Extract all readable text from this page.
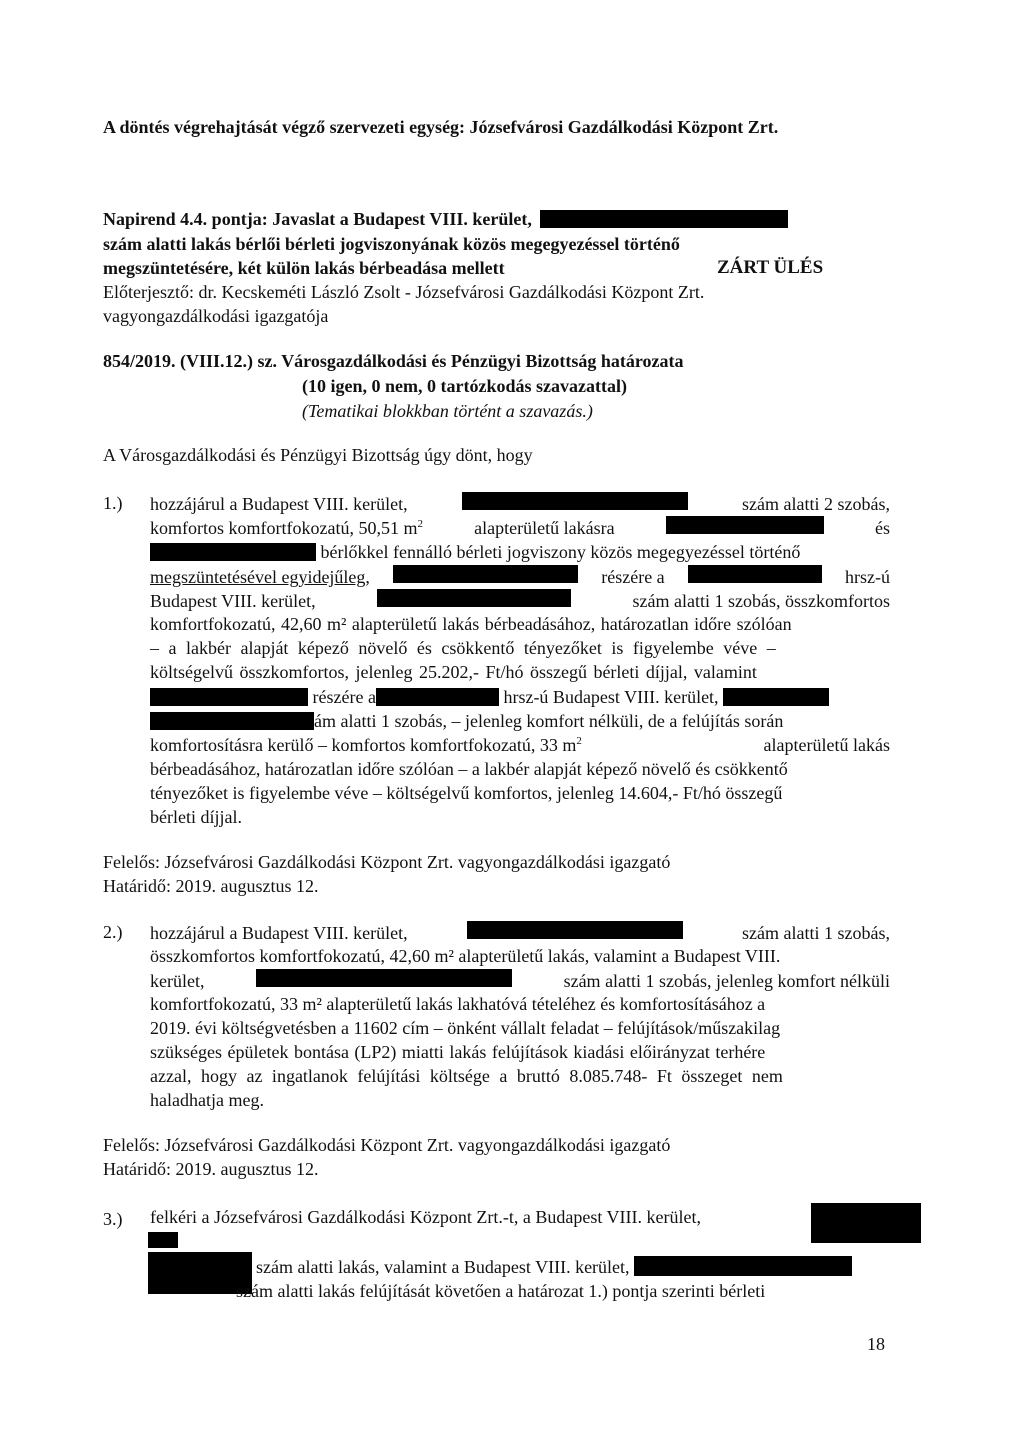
A döntés végrehajtását végző szervezeti egység: Józsefvárosi Gazdálkodási Központ Zrt.
Napirend 4.4. pontja: Javaslat a Budapest VIII. kerület,
szám alatti lakás bérlői bérleti jogviszonyának közös megegyezéssel történő
megszüntetésére, két külön lakás bérbeadása mellett	ZÁRT ÜLÉS
Előterjesztő: dr. Kecskeméti László Zsolt - Józsefvárosi Gazdálkodási Központ Zrt.
vagyongazdálkodási igazgatója
854/2019. (VIII.12.) sz. Városgazdálkodási és Pénzügyi Bizottság határozata
(10 igen, 0 nem, 0 tartózkodás szavazattal)
(Tematikai blokkban történt a szavazás.)
A Városgazdálkodási és Pénzügyi Bizottság úgy dönt, hogy
1.) hozzájárul a Budapest VIII. kerület,	szám alatti 2 szobás,
komfortos komfortfokozatú, 50,51 $m^2$	alapterületű lakásra	és
bérlőkkel fennálló bérleti jogviszony közös megegyezéssel történő
megszüntetésével egyidejűleg,	részére a	hrsz-ú
Budapest VIII. kerület,	szám alatti 1 szobás, összkomfortos
komfortfokozatú, 42,60 m² alapterületű lakás bérbeadásához, határozatlan időre szólóan
– a lakbér alapját képező növelő és csökkentő tényezőket is figyelembe véve –
költségelvű összkomfortos, jelenleg 25.202,- Ft/hó összegű bérleti díjjal, valamint
részére a	hrsz-ú Budapest VIII. kerület,
ám alatti 1 szobás, – jelenleg komfort nélküli, de a felújítás során
komfortosításra kerülő – komfortos komfortfokozatú, 33 $m^2$	alapterületű lakás
bérbeadásához, határozatlan időre szólóan – a lakbér alapját képező növelő és csökkentő
tényezőket is figyelembe véve – költségelvű komfortos, jelenleg 14.604,- Ft/hó összegű
bérleti díjjal.
Felelős: Józsefvárosi Gazdálkodási Központ Zrt. vagyongazdálkodási igazgató
Határidő: 2019. augusztus 12.
2.) hozzájárul a Budapest VIII. kerület,	szám alatti 1 szobás,
összkomfortos komfortfokozatú, 42,60 m² alapterületű lakás, valamint a Budapest VIII.
kerület,	szám alatti 1 szobás, jelenleg komfort nélküli
komfortfokozatú, 33 m² alapterületű lakás lakhatóvá tételéhez és komfortosításához a
2019. évi költségvetésben a 11602 cím – önként vállalt feladat – felújítások/műszakilag
szükséges épületek bontása (LP2) miatti lakás felújítások kiadási előirányzat terhére
azzal, hogy az ingatlanok felújítási költsége a bruttó 8.085.748- Ft összeget nem
haladhatja meg.
Felelős: Józsefvárosi Gazdálkodási Központ Zrt. vagyongazdálkodási igazgató
Határidő: 2019. augusztus 12.
3.) felkéri a Józsefvárosi Gazdálkodási Központ Zrt.-t, a Budapest VIII. kerület,
szám alatti lakás, valamint a Budapest VIII. kerület,
szám alatti lakás felújítását követően a határozat 1.) pontja szerinti bérleti
18
